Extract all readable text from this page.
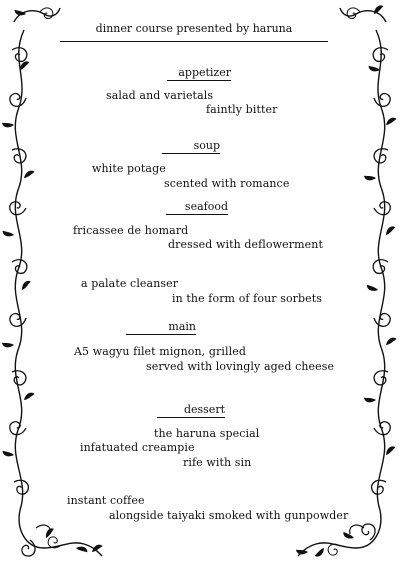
dinner course presented by haruna
appetizer
salad and varietals
faintly bitter
soup
white potage
scented with romance
seafood
fricassee de homard
dressed with deflowerment
a palate cleanser
in the form of four sorbets
main
A5 wagyu filet mignon, grilled
served with lovingly aged cheese
dessert
the haruna special
infatuated creampie
rife with sin
instant coffee
alongside taiyaki smoked with gunpowder
